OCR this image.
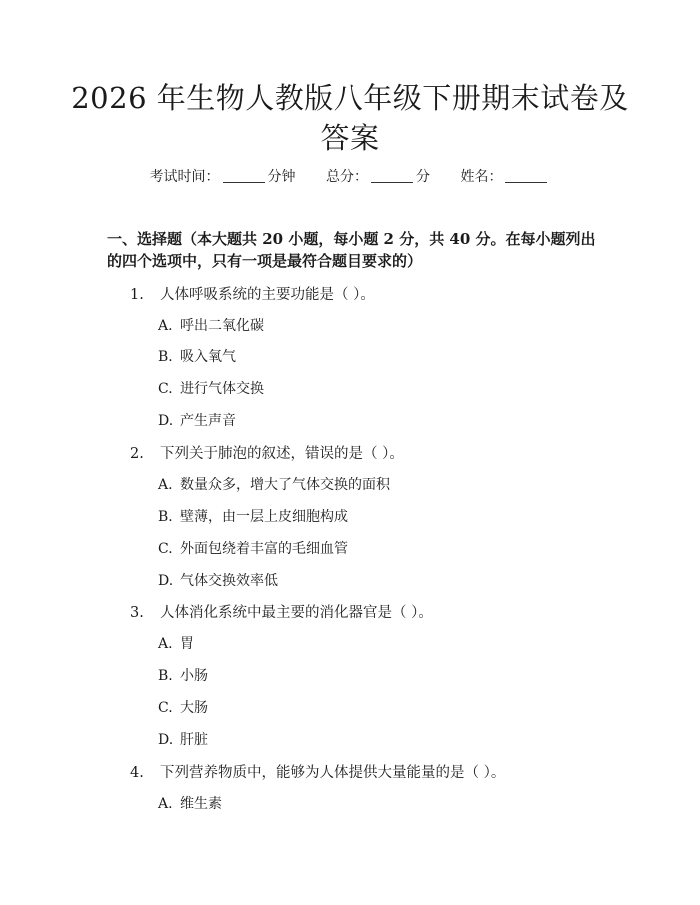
2026 年生物人教版八年级下册期末试卷及答案
考试时间：	分钟 总分：	分 姓名：
一、选择题（本大题共 20 小题，每小题 2 分，共 40 分。在每小题列出的四个选项中，只有一项是最符合题目要求的）
1. 人体呼吸系统的主要功能是（ ）。
A. 呼出二氧化碳
B. 吸入氧气
C. 进行气体交换
D. 产生声音
2. 下列关于肺泡的叙述，错误的是（ ）。
A. 数量众多，增大了气体交换的面积
B. 壁薄，由一层上皮细胞构成
C. 外面包绕着丰富的毛细血管
D. 气体交换效率低
3. 人体消化系统中最主要的消化器官是（ ）。
A. 胃
B. 小肠
C. 大肠
D. 肝脏
4. 下列营养物质中，能够为人体提供大量能量的是（ ）。
A. 维生素
